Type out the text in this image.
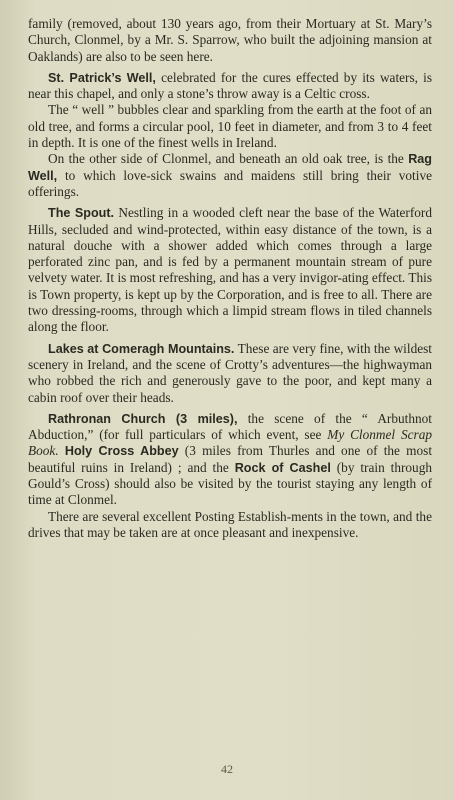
family (removed, about 130 years ago, from their Mortuary at St. Mary’s Church, Clonmel, by a Mr. S. Sparrow, who built the adjoining mansion at Oaklands) are also to be seen here.

St. Patrick’s Well, celebrated for the cures effected by its waters, is near this chapel, and only a stone’s throw away is a Celtic cross.

The “ well ” bubbles clear and sparkling from the earth at the foot of an old tree, and forms a circular pool, 10 feet in diameter, and from 3 to 4 feet in depth. It is one of the finest wells in Ireland.

On the other side of Clonmel, and beneath an old oak tree, is the Rag Well, to which love-sick swains and maidens still bring their votive offerings.

The Spout. Nestling in a wooded cleft near the base of the Waterford Hills, secluded and wind-protected, within easy distance of the town, is a natural douche with a shower added which comes through a large perforated zinc pan, and is fed by a permanent mountain stream of pure velvety water. It is most refreshing, and has a very invigor-ating effect. This is Town property, is kept up by the Corporation, and is free to all. There are two dressing-rooms, through which a limpid stream flows in tiled channels along the floor.

Lakes at Comeragh Mountains. These are very fine, with the wildest scenery in Ireland, and the scene of Crotty’s adventures—the highwayman who robbed the rich and generously gave to the poor, and kept many a cabin roof over their heads.

Rathronan Church (3 miles), the scene of the “ Arbuthnot Abduction,” (for full particulars of which event, see My Clonmel Scrap Book. Holy Cross Abbey (3 miles from Thurles and one of the most beautiful ruins in Ireland) ; and the Rock of Cashel (by train through Gould’s Cross) should also be visited by the tourist staying any length of time at Clonmel.

There are several excellent Posting Establish-ments in the town, and the drives that may be taken are at once pleasant and inexpensive.

42
